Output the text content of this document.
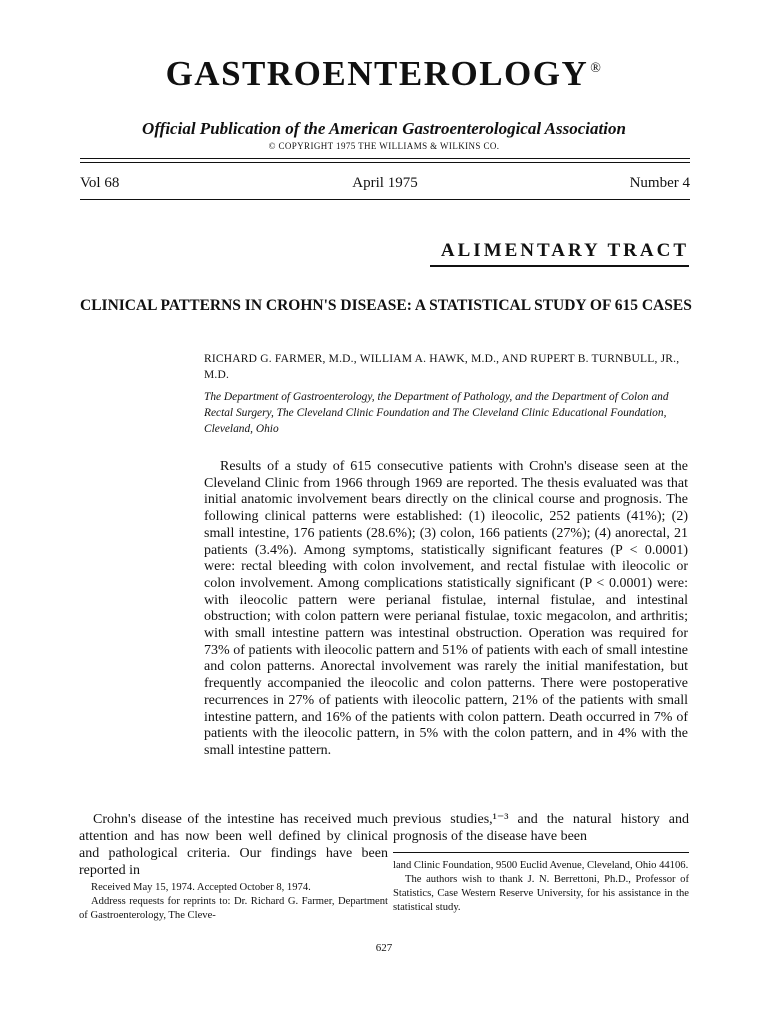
GASTROENTEROLOGY ®
Official Publication of the American Gastroenterological Association
© COPYRIGHT 1975 THE WILLIAMS & WILKINS CO.
Vol 68	April 1975	Number 4
ALIMENTARY TRACT
CLINICAL PATTERNS IN CROHN'S DISEASE: A STATISTICAL STUDY OF 615 CASES
RICHARD G. FARMER, M.D., WILLIAM A. HAWK, M.D., AND RUPERT B. TURNBULL, JR., M.D.
The Department of Gastroenterology, the Department of Pathology, and the Department of Colon and Rectal Surgery, The Cleveland Clinic Foundation and The Cleveland Clinic Educational Foundation, Cleveland, Ohio
Results of a study of 615 consecutive patients with Crohn's disease seen at the Cleveland Clinic from 1966 through 1969 are reported. The thesis evaluated was that initial anatomic involvement bears directly on the clinical course and prognosis. The following clinical patterns were established: (1) ileocolic, 252 patients (41%); (2) small intestine, 176 patients (28.6%); (3) colon, 166 patients (27%); (4) anorectal, 21 patients (3.4%). Among symptoms, statistically significant features (P < 0.0001) were: rectal bleeding with colon involvement, and rectal fistulae with ileocolic or colon involvement. Among complications statistically significant (P < 0.0001) were: with ileocolic pattern were perianal fistulae, internal fistulae, and intestinal obstruction; with colon pattern were perianal fistulae, toxic megacolon, and arthritis; with small intestine pattern was intestinal obstruction. Operation was required for 73% of patients with ileocolic pattern and 51% of patients with each of small intestine and colon patterns. Anorectal involvement was rarely the initial manifestation, but frequently accompanied the ileocolic and colon patterns. There were postoperative recurrences in 27% of patients with ileocolic pattern, 21% of the patients with small intestine pattern, and 16% of the patients with colon pattern. Death occurred in 7% of patients with the ileocolic pattern, in 5% with the colon pattern, and in 4% with the small intestine pattern.

Crohn's disease of the intestine has received much attention and has now been well defined by clinical and pathological criteria. Our findings have been reported in

previous studies,¹⁻³ and the natural history and prognosis of the disease have been

Received May 15, 1974. Accepted October 8, 1974.

Address requests for reprints to: Dr. Richard G. Farmer, Department of Gastroenterology, The Cleve-

land Clinic Foundation, 9500 Euclid Avenue, Cleveland, Ohio 44106.

The authors wish to thank J. N. Berrettoni, Ph.D., Professor of Statistics, Case Western Reserve University, for his assistance in the statistical study.

627
